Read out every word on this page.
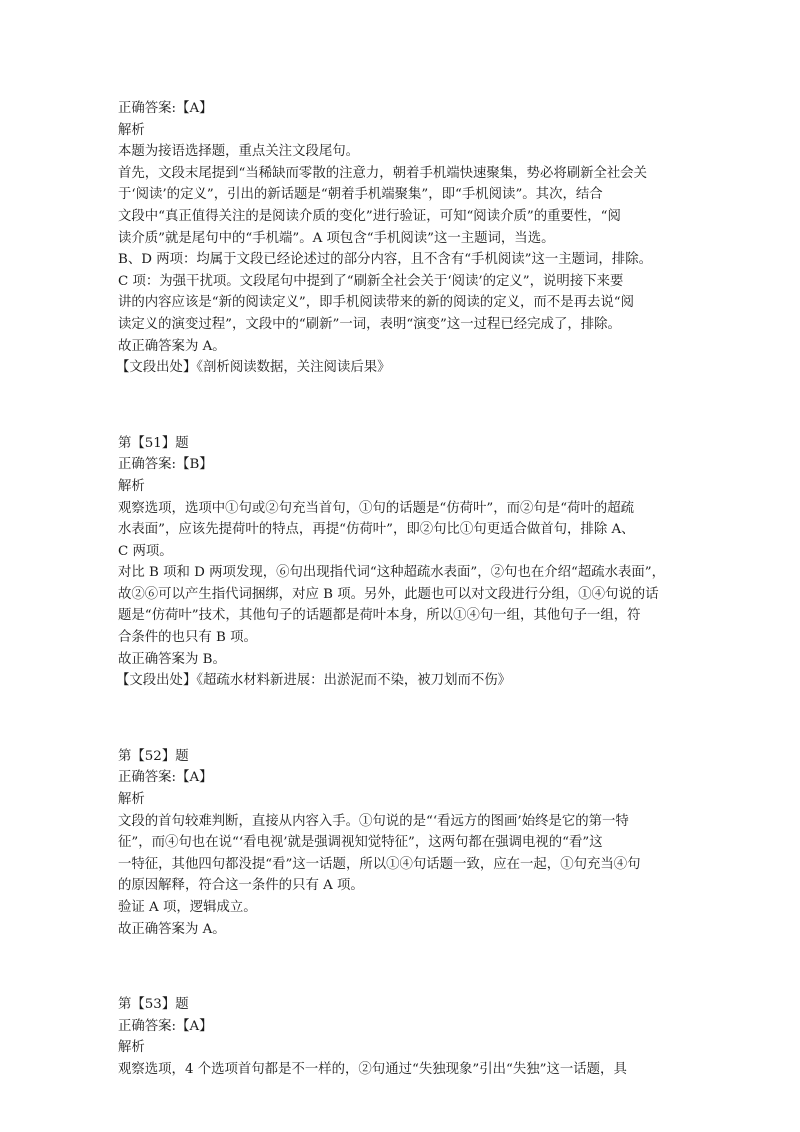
正确答案:【A】
解析
本题为接语选择题，重点关注文段尾句。
首先，文段末尾提到“当稀缺而零散的注意力，朝着手机端快速聚集，势必将刷新全社会关
于‘阅读’的定义”，引出的新话题是“朝着手机端聚集”，即“手机阅读”。其次，结合
文段中“真正值得关注的是阅读介质的变化”进行验证，可知“阅读介质”的重要性，“阅
读介质”就是尾句中的“手机端”。A 项包含“手机阅读”这一主题词，当选。
B、D 两项：均属于文段已经论述过的部分内容，且不含有“手机阅读”这一主题词，排除。
C 项：为强干扰项。文段尾句中提到了“刷新全社会关于‘阅读’的定义”，说明接下来要
讲的内容应该是“新的阅读定义”，即手机阅读带来的新的阅读的定义，而不是再去说“阅
读定义的演变过程”，文段中的“刷新”一词，表明“演变”这一过程已经完成了，排除。
故正确答案为 A。
【文段出处】《剖析阅读数据，关注阅读后果》
第【51】题
正确答案:【B】
解析
观察选项，选项中①句或②句充当首句，①句的话题是“仿荷叶”，而②句是“荷叶的超疏
水表面”，应该先提荷叶的特点，再提“仿荷叶”，即②句比①句更适合做首句，排除 A、
C 两项。
对比 B 项和 D 两项发现，⑥句出现指代词“这种超疏水表面”，②句也在介绍“超疏水表面”，
故②⑥可以产生指代词捆绑，对应 B 项。另外，此题也可以对文段进行分组，①④句说的话
题是“仿荷叶”技术，其他句子的话题都是荷叶本身，所以①④句一组，其他句子一组，符
合条件的也只有 B 项。
故正确答案为 B。
【文段出处】《超疏水材料新进展：出淤泥而不染，被刀划而不伤》
第【52】题
正确答案:【A】
解析
文段的首句较难判断，直接从内容入手。①句说的是“‘看远方的图画’始终是它的第一特
征”，而④句也在说“‘看电视’就是强调视知觉特征”，这两句都在强调电视的“看”这
一特征，其他四句都没提“看”这一话题，所以①④句话题一致，应在一起，①句充当④句
的原因解释，符合这一条件的只有 A 项。
验证 A 项，逻辑成立。
故正确答案为 A。
第【53】题
正确答案:【A】
解析
观察选项，4 个选项首句都是不一样的，②句通过“失独现象”引出“失独”这一话题，具
